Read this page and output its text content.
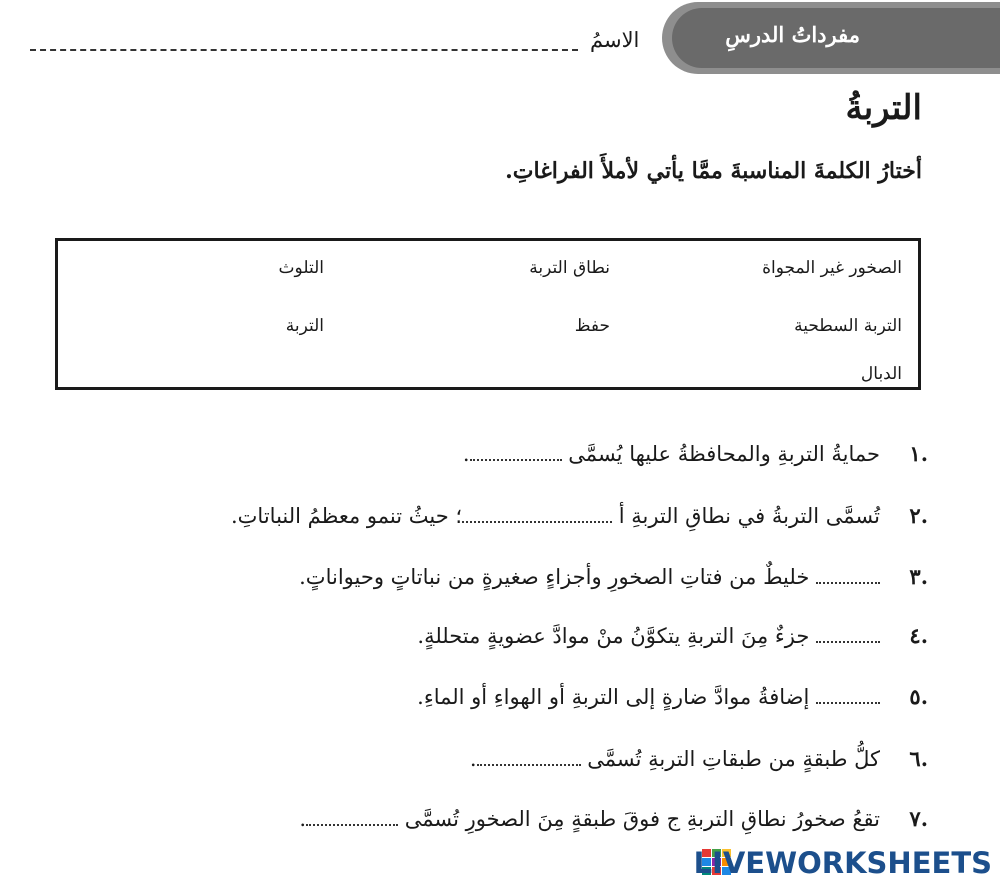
مفرداتُ الدرسِ
الاسمُ
التربةُ
أختارُ الكلمةَ المناسبةَ ممَّا يأتي لأملأَ الفراغاتِ.
الصخور غير المجواة
نطاق التربة
التلوث
التربة السطحية
حفظ
التربة
الدبال
.١حمايةُ التربةِ والمحافظةُ عليها يُسمَّى .
.٢تُسمَّى التربةُ في نطاقِ التربةِ أ ؛ حيثُ تنمو معظمُ النباتاتِ.
.٣ خليطٌ من فتاتِ الصخورِ وأجزاءٍ صغيرةٍ من نباتاتٍ وحيواناتٍ.
.٤ جزءٌ مِنَ التربةِ يتكوَّنُ منْ موادَّ عضويةٍ متحللةٍ.
.٥ إضافةُ موادَّ ضارةٍ إلى التربةِ أو الهواءِ أو الماءِ.
.٦كلُّ طبقةٍ من طبقاتِ التربةِ تُسمَّى .
.٧تقعُ صخورُ نطاقِ التربةِ ج فوقَ طبقةٍ مِنَ الصخورِ تُسمَّى .
LIVEWORKSHEETS
